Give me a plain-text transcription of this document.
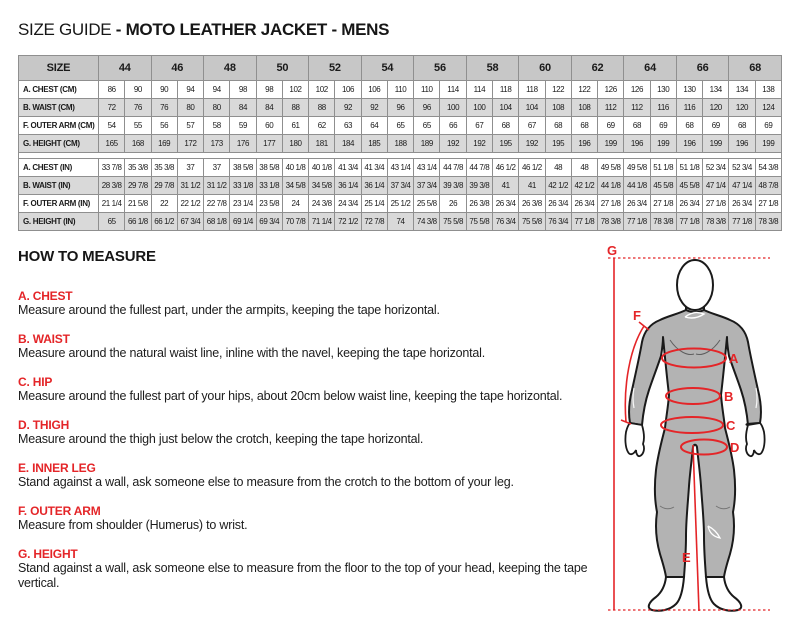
SIZE GUIDE - MOTO LEATHER JACKET - MENS
SIZE	44		46		48		50		52		54		56		58		60		62		64		66		68	
A. CHEST (CM)	86	90	90	94	94	98	98	102	102	106	106	110	110	114	114	118	118	122	122	126	126	130	130	134	134	138
B. WAIST (CM)	72	76	76	80	80	84	84	88	88	92	92	96	96	100	100	104	104	108	108	112	112	116	116	120	120	124
F. OUTER ARM (CM)	54	55	56	57	58	59	60	61	62	63	64	65	65	66	67	68	67	68	68	69	68	69	68	69	68	69
G. HEIGHT (CM)	165	168	169	172	173	176	177	180	181	184	185	188	189	192	192	195	192	195	196	199	196	199	196	199	196	199

A. CHEST (IN)	33 7/8	35 3/8	35 3/8	37	37	38 5/8	38 5/8	40 1/8	40 1/8	41 3/4	41 3/4	43 1/4	43 1/4	44 7/8	44 7/8	46 1/2	46 1/2	48	48	49 5/8	49 5/8	51 1/8	51 1/8	52 3/4	52 3/4	54 3/8
B. WAIST (IN)	28 3/8	29 7/8	29 7/8	31 1/2	31 1/2	33 1/8	33 1/8	34 5/8	34 5/8	36 1/4	36 1/4	37 3/4	37 3/4	39 3/8	39 3/8	41	41	42 1/2	42 1/2	44 1/8	44 1/8	45 5/8	45 5/8	47 1/4	47 1/4	48 7/8
F. OUTER ARM (IN)	21 1/4	21 5/8	22	22 1/2	22 7/8	23 1/4	23 5/8	24	24 3/8	24 3/4	25 1/4	25 1/2	25 5/8	26	26 3/8	26 3/4	26 3/8	26 3/4	26 3/4	27 1/8	26 3/4	27 1/8	26 3/4	27 1/8	26 3/4	27 1/8
G. HEIGHT (IN)	65	66 1/8	66 1/2	67 3/4	68 1/8	69 1/4	69 3/4	70 7/8	71 1/4	72 1/2	72 7/8	74	74 3/8	75 5/8	75 5/8	76 3/4	75 5/8	76 3/4	77 1/8	78 3/8	77 1/8	78 3/8	77 1/8	78 3/8	77 1/8	78 3/8
HOW TO MEASURE
A. CHEST
Measure around the fullest part, under the armpits, keeping the tape horizontal.
B. WAIST
Measure around the natural waist line, inline with the navel, keeping the tape horizontal.
C. HIP
Measure around the fullest part of your hips, about 20cm below waist line, keeping the tape horizontal.
D. THIGH
Measure around the thigh just below the crotch, keeping the tape horizontal.
E. INNER LEG
Stand against a wall, ask someone else to measure from the crotch to the bottom of your leg.
F. OUTER ARM
Measure from shoulder (Humerus) to wrist.
G. HEIGHT
Stand against a wall, ask someone else to measure from the floor to the top of your head, keeping the tape vertical.
A
B
C
D
E
F
G
